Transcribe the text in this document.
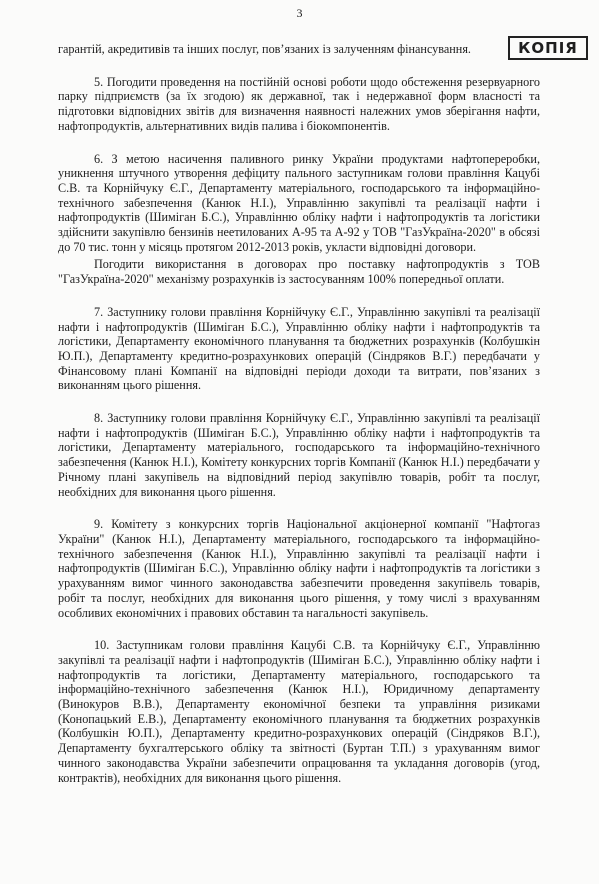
3
КОПІЯ

гарантій, акредитивів та інших послуг, пов’язаних із залученням фінансування.

5. Погодити проведення на постійній основі роботи щодо обстеження резервуарного парку підприємств (за їх згодою) як державної, так і недержавної форм власності та підготовки відповідних звітів для визначення наявності належних умов зберігання нафти, нафтопродуктів, альтернативних видів палива і біокомпонентів.

6. З метою насичення паливного ринку України продуктами нафтопереробки, уникнення штучного утворення дефіциту пального заступникам голови правління Кацубі С.В. та Корнійчуку Є.Г., Департаменту матеріального, господарського та інформаційно-технічного забезпечення (Канюк Н.І.), Управлінню закупівлі та реалізації нафти і нафтопродуктів (Шиміган Б.С.), Управлінню обліку нафти і нафтопродуктів та логістики здійснити закупівлю бензинів неетилованих А-95 та А-92 у ТОВ "ГазУкраїна-2020" в обсязі до 70 тис. тонн у місяць протягом 2012-2013 років, укласти відповідні договори.

Погодити використання в договорах про поставку нафтопродуктів з ТОВ "ГазУкраїна-2020" механізму розрахунків із застосуванням 100% попередньої оплати.

7. Заступнику голови правління Корнійчуку Є.Г., Управлінню закупівлі та реалізації нафти і нафтопродуктів (Шиміган Б.С.), Управлінню обліку нафти і нафтопродуктів та логістики, Департаменту економічного планування та бюджетних розрахунків (Колбушкін Ю.П.), Департаменту кредитно-розрахункових операцій (Сіндряков В.Г.) передбачати у Фінансовому плані Компанії на відповідні періоди доходи та витрати, пов’язаних з виконанням цього рішення.

8. Заступнику голови правління Корнійчуку Є.Г., Управлінню закупівлі та реалізації нафти і нафтопродуктів (Шиміган Б.С.), Управлінню обліку нафти і нафтопродуктів та логістики, Департаменту матеріального, господарського та інформаційно-технічного забезпечення (Канюк Н.І.), Комітету конкурсних торгів Компанії (Канюк Н.І.) передбачати у Річному плані закупівель на відповідний період закупівлю товарів, робіт та послуг, необхідних для виконання цього рішення.

9. Комітету з конкурсних торгів Національної акціонерної компанії "Нафтогаз України" (Канюк Н.І.), Департаменту матеріального, господарського та інформаційно-технічного забезпечення (Канюк Н.І.), Управлінню закупівлі та реалізації нафти і нафтопродуктів (Шиміган Б.С.), Управлінню обліку нафти і нафтопродуктів та логістики з урахуванням вимог чинного законодавства забезпечити проведення закупівель товарів, робіт та послуг, необхідних для виконання цього рішення, у тому числі з врахуванням особливих економічних і правових обставин та нагальності закупівель.

10. Заступникам голови правління Кацубі С.В. та Корнійчуку Є.Г., Управлінню закупівлі та реалізації нафти і нафтопродуктів (Шиміган Б.С.), Управлінню обліку нафти і нафтопродуктів та логістики, Департаменту матеріального, господарського та інформаційно-технічного забезпечення (Канюк Н.І.), Юридичному департаменту (Винокуров В.В.), Департаменту економічної безпеки та управління ризиками (Конопацький Е.В.), Департаменту економічного планування та бюджетних розрахунків (Колбушкін Ю.П.), Департаменту кредитно-розрахункових операцій (Сіндряков В.Г.), Департаменту бухгалтерського обліку та звітності (Буртан Т.П.) з урахуванням вимог чинного законодавства України забезпечити опрацювання та укладання договорів (угод, контрактів), необхідних для виконання цього рішення.
